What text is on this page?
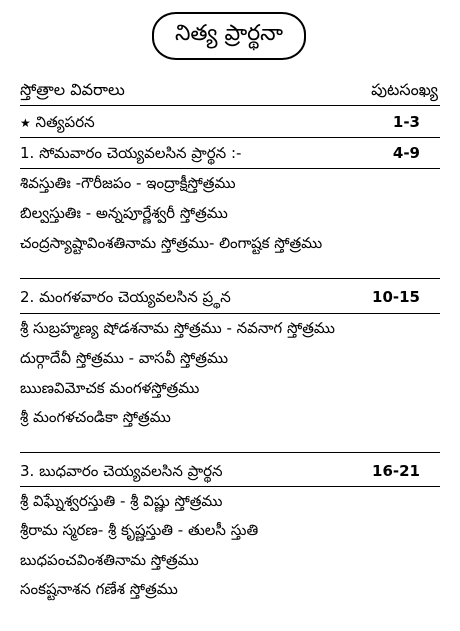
నిత్య ప్రార్థనా
స్తోత్రాల వివరాలు	పుటసంఖ్య
★ నిత్యపరన	1-3
1. సోమవారం చెయ్యవలసిన ప్రార్థన :-	4-9
శివస్తుతిః -గౌరీజపం - ఇంద్రాక్షీస్తోత్రము
బిల్వస్తుతిః - అన్నపూర్ణేశ్వరీ స్తోత్రము
చంద్రస్యాష్టావింశతినామ స్తోత్రము- లింగాష్టక స్తోత్రము
2. మంగళవారం చెయ్యవలసిన ప్ర్థన	10-15
శ్రీ సుబ్రహ్మణ్య షోడశనామ స్తోత్రము - నవనాగ స్తోత్రము
దుర్గాదేవీ స్తోత్రము - వాసవీ స్తోత్రము
ఋణవిమోచక మంగళస్తోత్రము
శ్రీ మంగళచండికా స్తోత్రము
3. బుధవారం చెయ్యవలసిన ప్రార్థన	16-21
శ్రీ విఘ్నేశ్వరస్తుతి - శ్రీ విష్ణు స్తోత్రము
శ్రీరామ స్మరణ- శ్రీ కృష్ణస్తుతి - తులసీ స్తుతి
బుధపంచవింశతినామ స్తోత్రము
సంకష్టనాశన గణేశ స్తోత్రము
